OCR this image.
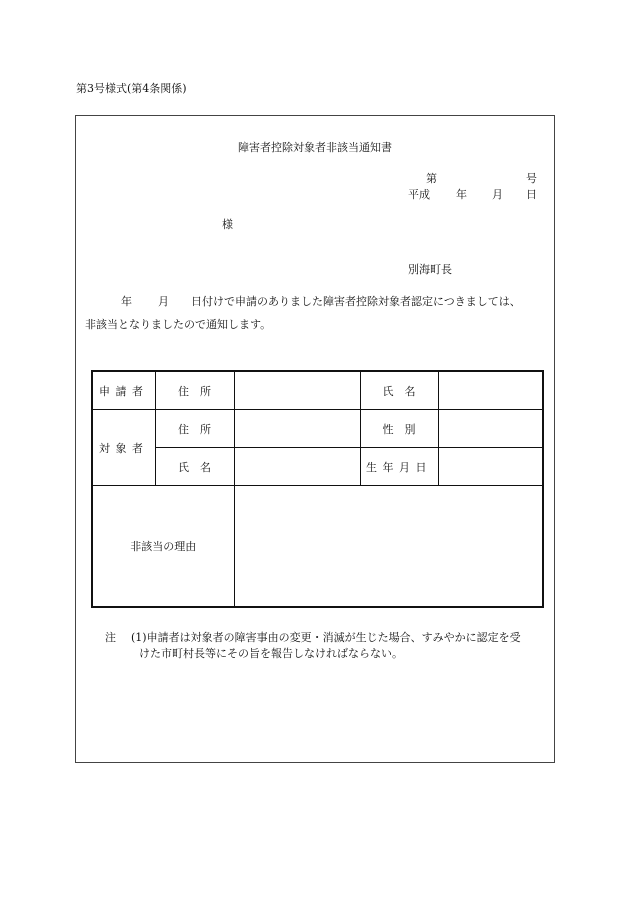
第3号様式(第4条関係)
障害者控除対象者非該当通知書
第	号
平成 年 月 日
様
別海町長
年 月 日付けで申請のありました障害者控除対象者認定につきましては、
非該当となりましたので通知します。
申請者	住　所		氏　名	
対象者	住　所		性　別	
	氏　名		生年月日	
非該当の理由				
注 (1)申請者は対象者の障害事由の変更・消滅が生じた場合、すみやかに認定を受
けた市町村長等にその旨を報告しなければならない。
